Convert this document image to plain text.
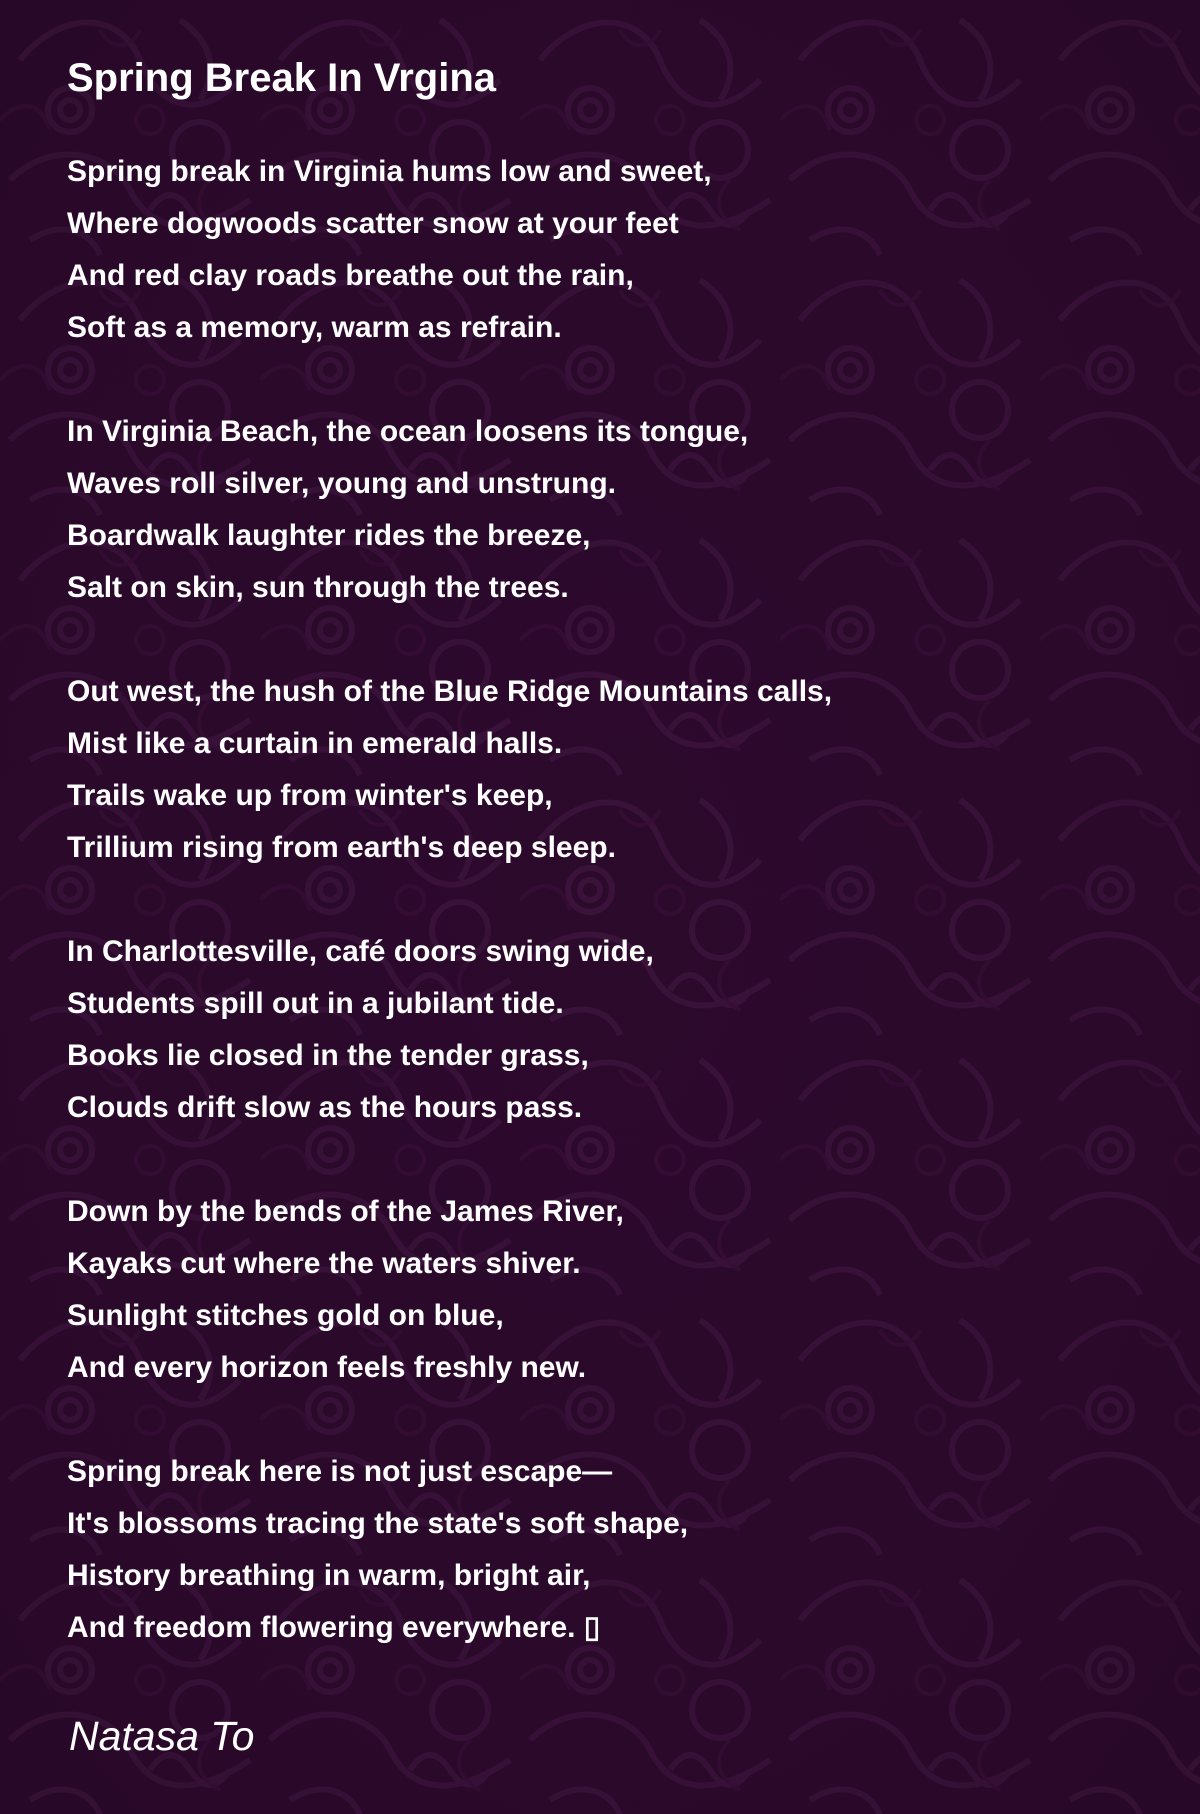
Spring Break In Vrgina
Spring break in Virginia hums low and sweet,
Where dogwoods scatter snow at your feet
And red clay roads breathe out the rain,
Soft as a memory, warm as refrain.
In Virginia Beach, the ocean loosens its tongue,
Waves roll silver, young and unstrung.
Boardwalk laughter rides the breeze,
Salt on skin, sun through the trees.
Out west, the hush of the Blue Ridge Mountains calls,
Mist like a curtain in emerald halls.
Trails wake up from winter's keep,
Trillium rising from earth's deep sleep.
In Charlottesville, café doors swing wide,
Students spill out in a jubilant tide.
Books lie closed in the tender grass,
Clouds drift slow as the hours pass.
Down by the bends of the James River,
Kayaks cut where the waters shiver.
Sunlight stitches gold on blue,
And every horizon feels freshly new.
Spring break here is not just escape—
It's blossoms tracing the state's soft shape,
History breathing in warm, bright air,
And freedom flowering everywhere. ▯
Natasa To
